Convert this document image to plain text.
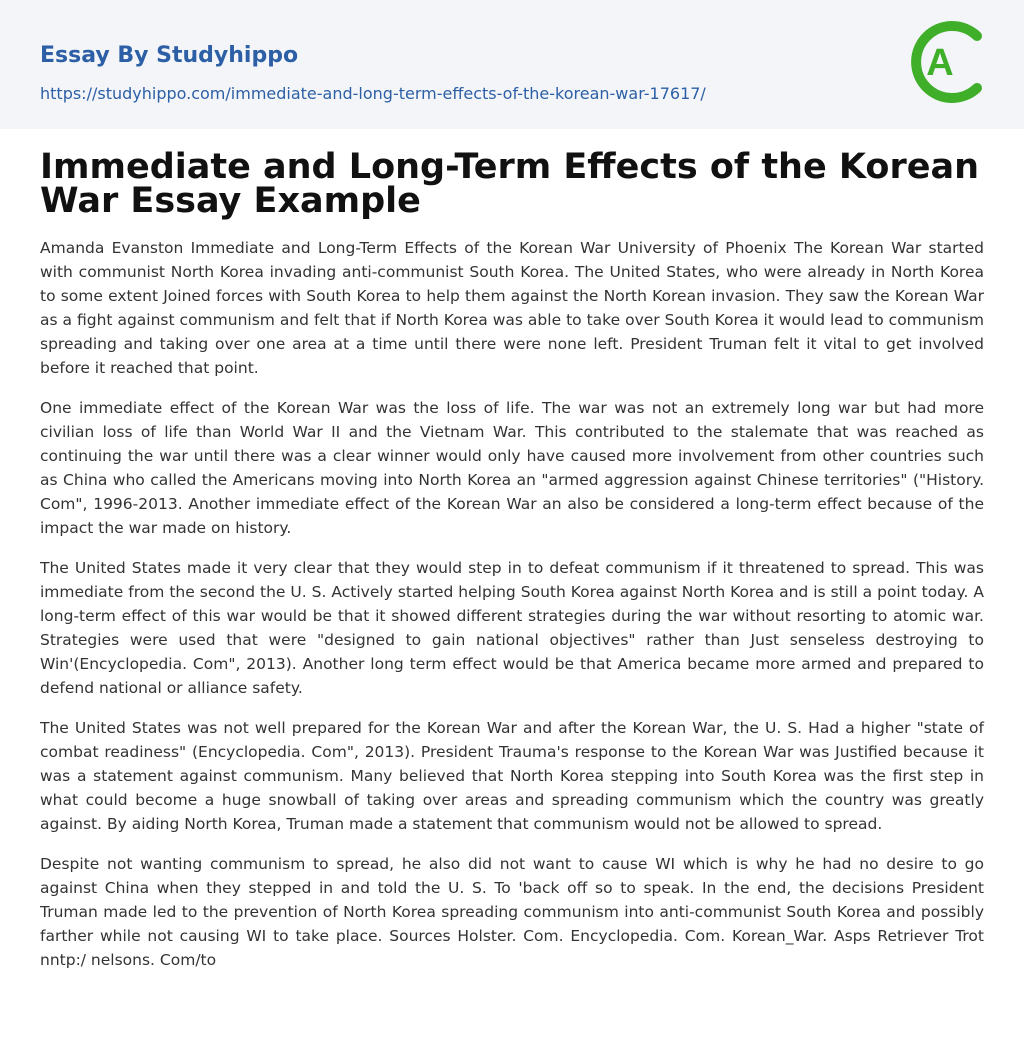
Essay By Studyhippo
https://studyhippo.com/immediate-and-long-term-effects-of-the-korean-war-17617/
A
Immediate and Long-Term Effects of the Korean War Essay Example

Amanda Evanston Immediate and Long-Term Effects of the Korean War University of Phoenix The Korean War started with communist North Korea invading anti-communist South Korea. The United States, who were already in North Korea to some extent Joined forces with South Korea to help them against the North Korean invasion. They saw the Korean War as a fight against communism and felt that if North Korea was able to take over South Korea it would lead to communism spreading and taking over one area at a time until there were none left. President Truman felt it vital to get involved before it reached that point.

One immediate effect of the Korean War was the loss of life. The war was not an extremely long war but had more civilian loss of life than World War II and the Vietnam War. This contributed to the stalemate that was reached as continuing the war until there was a clear winner would only have caused more involvement from other countries such as China who called the Americans moving into North Korea an "armed aggression against Chinese territories" ("History. Com", 1996-2013. Another immediate effect of the Korean War an also be considered a long-term effect because of the impact the war made on history.

The United States made it very clear that they would step in to defeat communism if it threatened to spread. This was immediate from the second the U. S. Actively started helping South Korea against North Korea and is still a point today. A long-term effect of this war would be that it showed different strategies during the war without resorting to atomic war. Strategies were used that were "designed to gain national objectives" rather than Just senseless destroying to Win'(Encyclopedia. Com", 2013). Another long term effect would be that America became more armed and prepared to defend national or alliance safety.

The United States was not well prepared for the Korean War and after the Korean War, the U. S. Had a higher "state of combat readiness" (Encyclopedia. Com", 2013). President Trauma's response to the Korean War was Justified because it was a statement against communism. Many believed that North Korea stepping into South Korea was the first step in what could become a huge snowball of taking over areas and spreading communism which the country was greatly against. By aiding North Korea, Truman made a statement that communism would not be allowed to spread.

Despite not wanting communism to spread, he also did not want to cause WI which is why he had no desire to go against China when they stepped in and told the U. S. To 'back off so to speak. In the end, the decisions President Truman made led to the prevention of North Korea spreading communism into anti-communist South Korea and possibly farther while not causing WI to take place. Sources Holster. Com. Encyclopedia. Com. Korean_War. Asps Retriever Trot nntp:/ nelsons. Com/to
